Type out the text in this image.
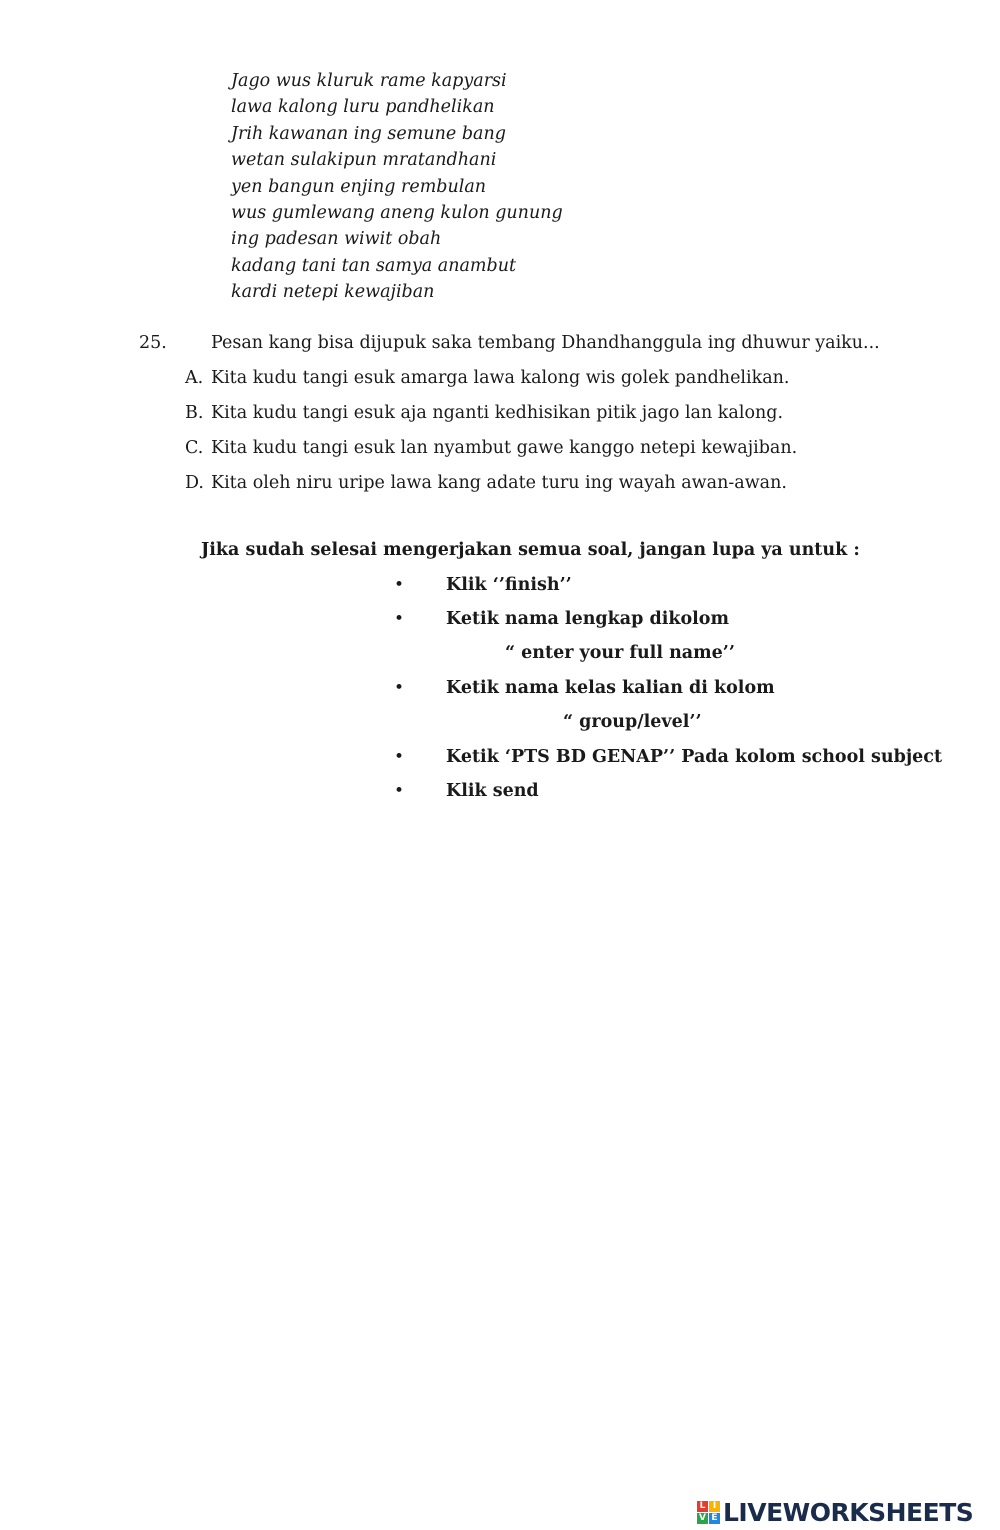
Jago wus kluruk rame kapyarsi
lawa kalong luru pandhelikan
Jrih kawanan ing semune bang
wetan sulakipun mratandhani
yen bangun enjing rembulan
wus gumlewang aneng kulon gunung
ing padesan wiwit obah
kadang tani tan samya anambut
kardi netepi kewajiban
25.	Pesan kang bisa dijupuk saka tembang Dhandhanggula ing dhuwur yaiku...
A. Kita kudu tangi esuk amarga lawa kalong wis golek pandhelikan.
B. Kita kudu tangi esuk aja nganti kedhisikan pitik jago lan kalong.
C. Kita kudu tangi esuk lan nyambut gawe kanggo netepi kewajiban.
D. Kita oleh niru uripe lawa kang adate turu ing wayah awan-awan.
Jika sudah selesai mengerjakan semua soal, jangan lupa ya untuk :
• Klik ‘’finish’’
• Ketik nama lengkap dikolom
“ enter your full name’’
• Ketik nama kelas kalian di kolom
“ group/level’’
• Ketik ‘PTS BD GENAP’’ Pada kolom school subject
• Klik send
L I
V E LIVEWORKSHEETS
